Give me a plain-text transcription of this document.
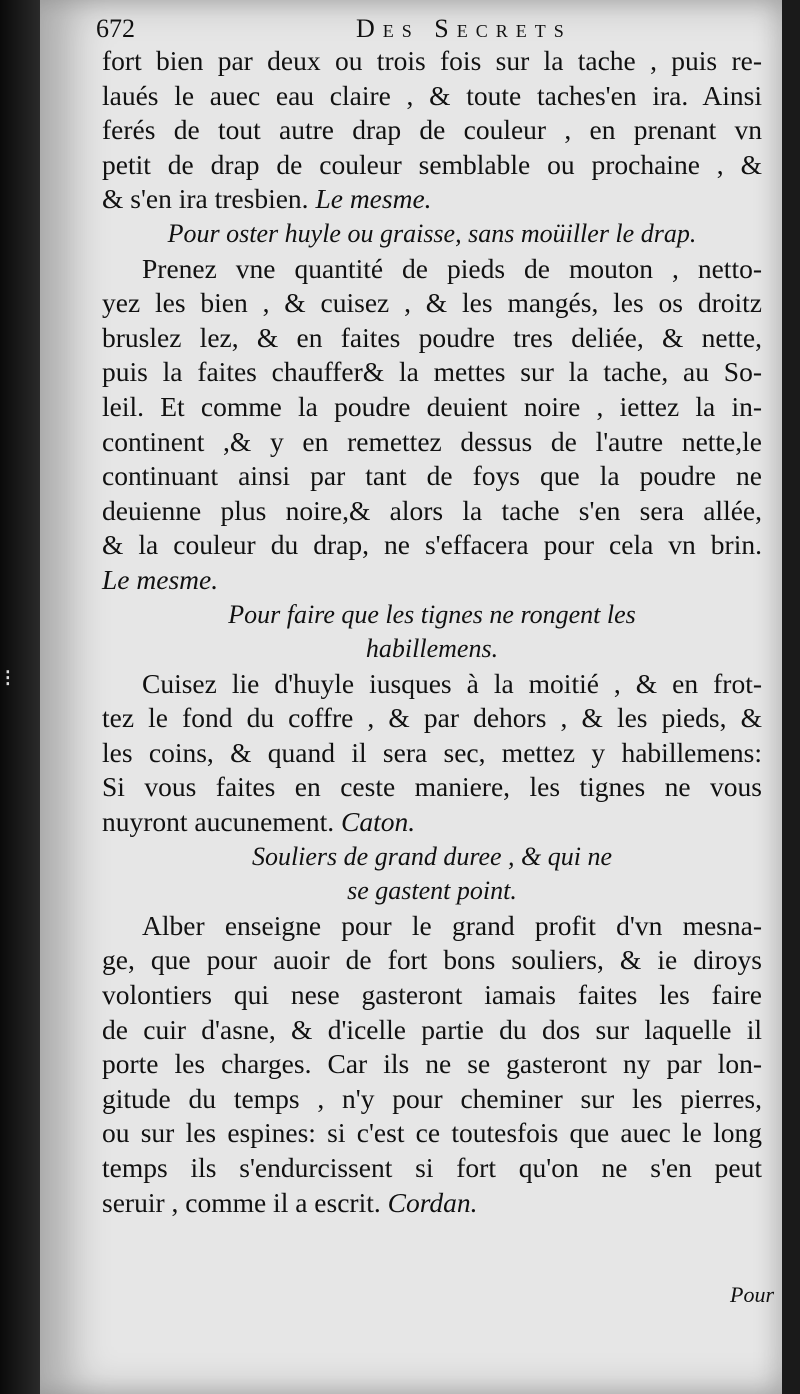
⁝
672	Des Secrets
fort bien par deux ou trois fois sur la tache , puis re-
laués le auec eau claire , & toute taches'en ira. Ainsi
ferés de tout autre drap de couleur , en prenant vn
petit de drap de couleur semblable ou prochaine , &
& s'en ira tresbien. Le mesme.
Pour oster huyle ou graisse, sans moüiller le drap.
Prenez vne quantité de pieds de mouton , netto-
yez les bien , & cuisez , & les mangés, les os droitz
bruslez lez, & en faites poudre tres deliée, & nette,
puis la faites chauffer& la mettes sur la tache, au So-
leil. Et comme la poudre deuient noire , iettez la in-
continent ,& y en remettez dessus de l'autre nette,le
continuant ainsi par tant de foys que la poudre ne
deuienne plus noire,& alors la tache s'en sera allée,
& la couleur du drap, ne s'effacera pour cela vn brin.
Le mesme.
Pour faire que les tignes ne rongent les
habillemens.
Cuisez lie d'huyle iusques à la moitié , & en frot-
tez le fond du coffre , & par dehors , & les pieds, &
les coins, & quand il sera sec, mettez y habillemens:
Si vous faites en ceste maniere, les tignes ne vous
nuyront aucunement. Caton.
Souliers de grand duree , & qui ne
se gastent point.
Alber enseigne pour le grand profit d'vn mesna-
ge, que pour auoir de fort bons souliers, & ie diroys
volontiers qui nese gasteront iamais faites les faire
de cuir d'asne, & d'icelle partie du dos sur laquelle il
porte les charges. Car ils ne se gasteront ny par lon-
gitude du temps , n'y pour cheminer sur les pierres,
ou sur les espines: si c'est ce toutesfois que auec le long
temps ils s'endurcissent si fort qu'on ne s'en peut
seruir , comme il a escrit. Cordan.
Pour
